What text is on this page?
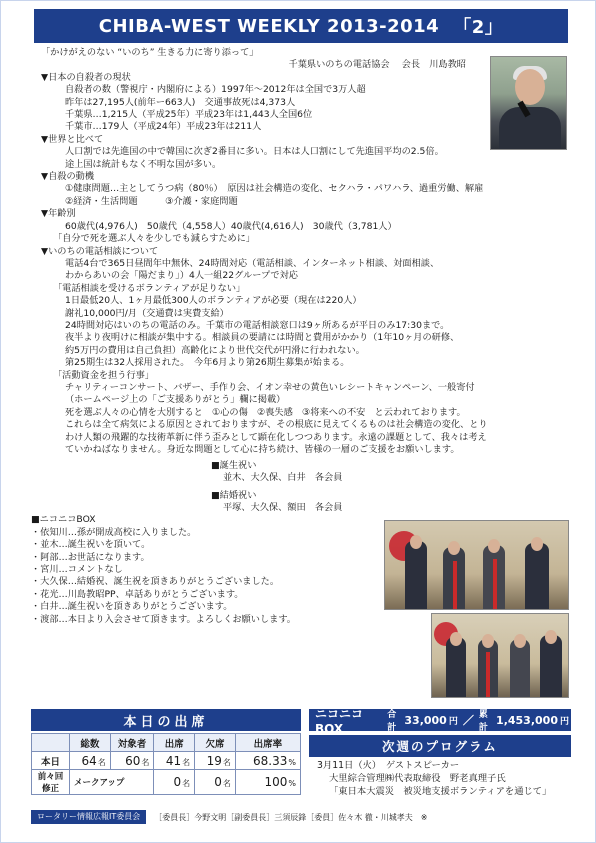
CHIBA-WEST WEEKLY 2013-2014 「2」
「かけがえのない “いのち” 生きる力に寄り添って」
千葉県いのちの電話協会　 会長　川島教昭
▼日本の自殺者の現状
自殺者の数（警視庁・内閣府による）1997年～2012年は全国で3万人超
昨年は27,195人(前年ー663人)　交通事故死は4,373人
千葉県…1,215人（平成25年）平成23年は1,443人全国6位
千葉市…179人（平成24年）平成23年は211人
▼世界と比べて
人口割では先進国の中で韓国に次ぎ2番目に多い。日本は人口割にして先進国平均の2.5倍。
途上国は統計もなく不明な国が多い。
▼自殺の動機
①健康問題…主としてうつ病（80％）　原因は社会構造の変化、セクハラ・パワハラ、過重労働、解雇
②経済・生活問題　　　③介護・家庭問題
▼年齢別
60歳代(4,976人)　50歳代（4,558人）40歳代(4,616人)　30歳代（3,781人）
「自分で死を選ぶ人々を少しでも減らすために」
▼いのちの電話相談について
電話4台で365日昼間年中無休、24時間対応（電話相談、インターネット相談、対面相談、
わからあいの会「陽だまり」）4人一組22グループで対応
「電話相談を受けるボランティアが足りない」
1日最低20人、1ヶ月最低300人のボランティアが必要（現在は220人）
謝礼10,000円/月（交通費は実費支給）
24時間対応はいのちの電話のみ。千葉市の電話相談窓口は9ヶ所あるが平日のみ17:30まで。
夜半より夜明けに相談が集中する。相談員の要請には時間と費用がかかり（1年10ヶ月の研修、
約5万円の費用は自己負担）高齢化により世代交代が円滑に行われない。
第25期生は32人採用された。　今年6月より第26期生募集が始まる。
「活動資金を担う行事」
チャリティーコンサート、バザー、手作り会、イオン幸せの黄色いレシートキャンペーン、一般寄付
（ホームページ上の「ご支援ありがとう」欄に掲載）
死を選ぶ人々の心情を大別すると　①心の傷　②喪失感　③将来への不安　と云われております。
これらは全て病気による原因とされておりますが、その根底に見えてくるものは社会構造の変化、とり
わけ人類の飛躍的な技術革新に伴う歪みとして顕在化しつつあります。永遠の課題として、我々は考え
ていかねばなりません。身近な問題として心に持ち続け、皆様の一層のご支援をお願いします。
■誕生祝い
並木、大久保、白井　各会員
■結婚祝い
平塚、大久保、額田　各会員
■ニコニコBOX
・依知川…孫が開成高校に入りました。
・並木…誕生祝いを頂いて。
・阿部…お世話になります。
・宮川…コメントなし
・大久保…結婚祝、誕生祝を頂きありがとうございました。
・花光…川島教昭PP、卓話ありがとうございます。
・白井…誕生祝いを頂きありがとうございます。
・渡部…本日より入会させて頂きます。よろしくお願いします。
本日の出席
	総数	対象者	出席	欠席	出席率
本日	64名	60名	41名	19名	68.33%
前々回修正	メークアップ		0名	0名	100%
ニコニコBOX
合計
33,000 円 ／ 累計
1,453,000 円
次週のプログラム
3月11日（火）　ゲストスピーカー
大里綜合管理㈱代表取締役　野老真理子氏
「東日本大震災　被災地支援ボランティアを通じて」
ロータリー情報広報IT委員会	［委員長］今野文明［副委員長］三須辰鋒［委員］佐々木 徹・川城孝夫　※
